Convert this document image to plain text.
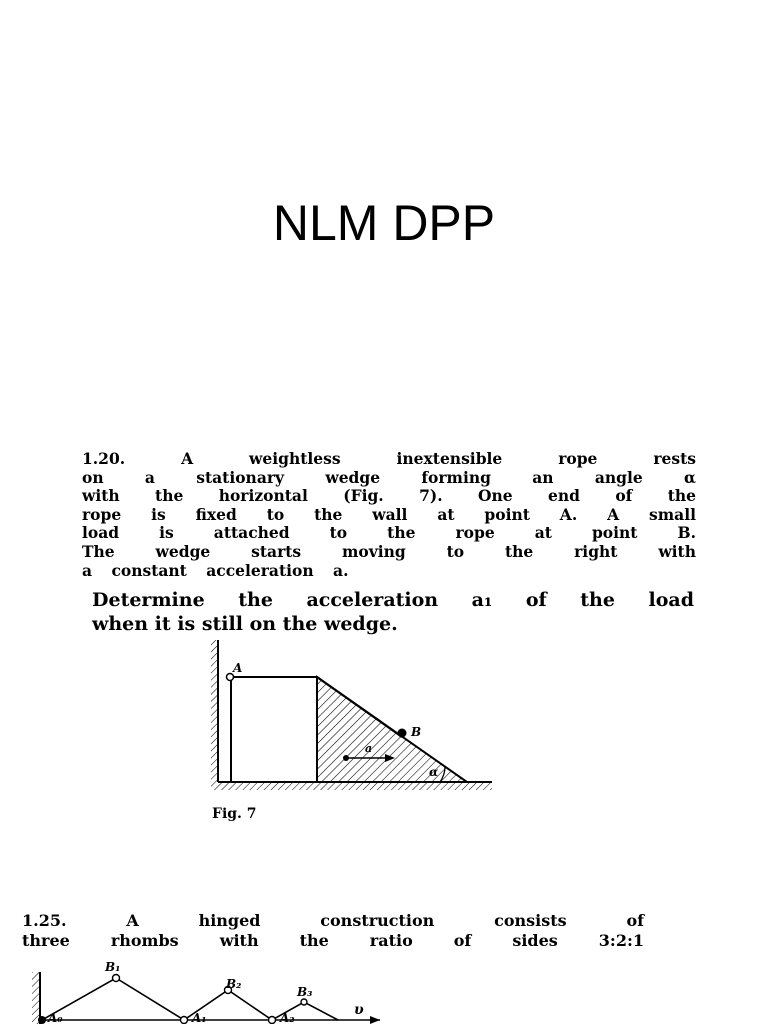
NLM DPP

1.20. A weightless inextensible rope rests
on a stationary wedge forming an angle α
with the horizontal (Fig. 7). One end of the
rope is fixed to the wall at point A. A small
load is attached to the rope at point B.
The wedge starts moving to the right with
a constant acceleration a.

Determine the acceleration a₁ of the load
when it is still on the wedge.

A
B
a
α
Fig. 7
A₀
B₁
A₁
B₂
A₂
B₃
υ

1.25. A hinged construction consists of
three rhombs with the ratio of sides 3:2:1
